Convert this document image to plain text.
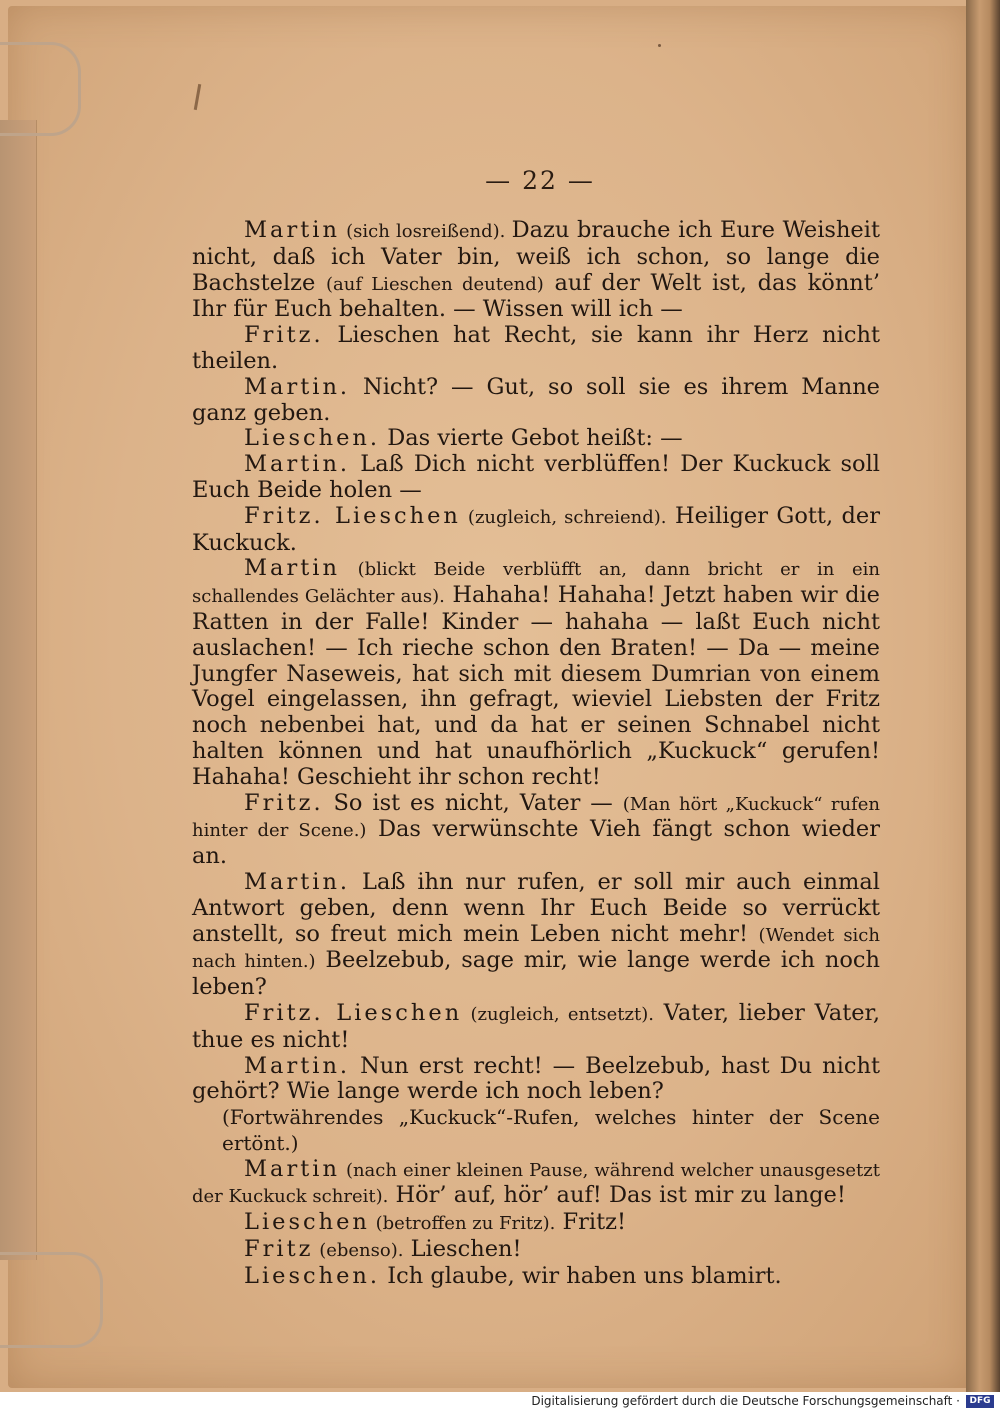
— 22 —

Martin (sich losreißend). Dazu brauche ich Eure Weisheit nicht, daß ich Vater bin, weiß ich schon, so lange die Bachstelze (auf Lieschen deutend) auf der Welt ist, das könnt’ Ihr für Euch behalten. — Wissen will ich —

Fritz. Lieschen hat Recht, sie kann ihr Herz nicht theilen.

Martin. Nicht? — Gut, so soll sie es ihrem Manne ganz geben.

Lieschen. Das vierte Gebot heißt: —

Martin. Laß Dich nicht verblüffen! Der Kuckuck soll Euch Beide holen —

Fritz. Lieschen (zugleich, schreiend). Heiliger Gott, der Kuckuck.

Martin (blickt Beide verblüfft an, dann bricht er in ein schallendes Gelächter aus). Hahaha! Hahaha! Jetzt haben wir die Ratten in der Falle! Kinder — hahaha — laßt Euch nicht auslachen! — Ich rieche schon den Braten! — Da — meine Jungfer Naseweis, hat sich mit diesem Dumrian von einem Vogel eingelassen, ihn gefragt, wieviel Liebsten der Fritz noch nebenbei hat, und da hat er seinen Schnabel nicht halten können und hat unaufhörlich „Kuckuck“ gerufen! Hahaha! Geschieht ihr schon recht!

Fritz. So ist es nicht, Vater — (Man hört „Kuckuck“ rufen hinter der Scene.) Das verwünschte Vieh fängt schon wieder an.

Martin. Laß ihn nur rufen, er soll mir auch einmal Antwort geben, denn wenn Ihr Euch Beide so verrückt anstellt, so freut mich mein Leben nicht mehr! (Wendet sich nach hinten.) Beelzebub, sage mir, wie lange werde ich noch leben?

Fritz. Lieschen (zugleich, entsetzt). Vater, lieber Vater, thue es nicht!

Martin. Nun erst recht! — Beelzebub, hast Du nicht gehört? Wie lange werde ich noch leben?

(Fortwährendes „Kuckuck“-Rufen, welches hinter der Scene ertönt.)

Martin (nach einer kleinen Pause, während welcher unausgesetzt der Kuckuck schreit). Hör’ auf, hör’ auf! Das ist mir zu lange!

Lieschen (betroffen zu Fritz). Fritz!

Fritz (ebenso). Lieschen!

Lieschen. Ich glaube, wir haben uns blamirt.

Digitalisierung gefördert durch die Deutsche Forschungsgemeinschaft ·	DFG
